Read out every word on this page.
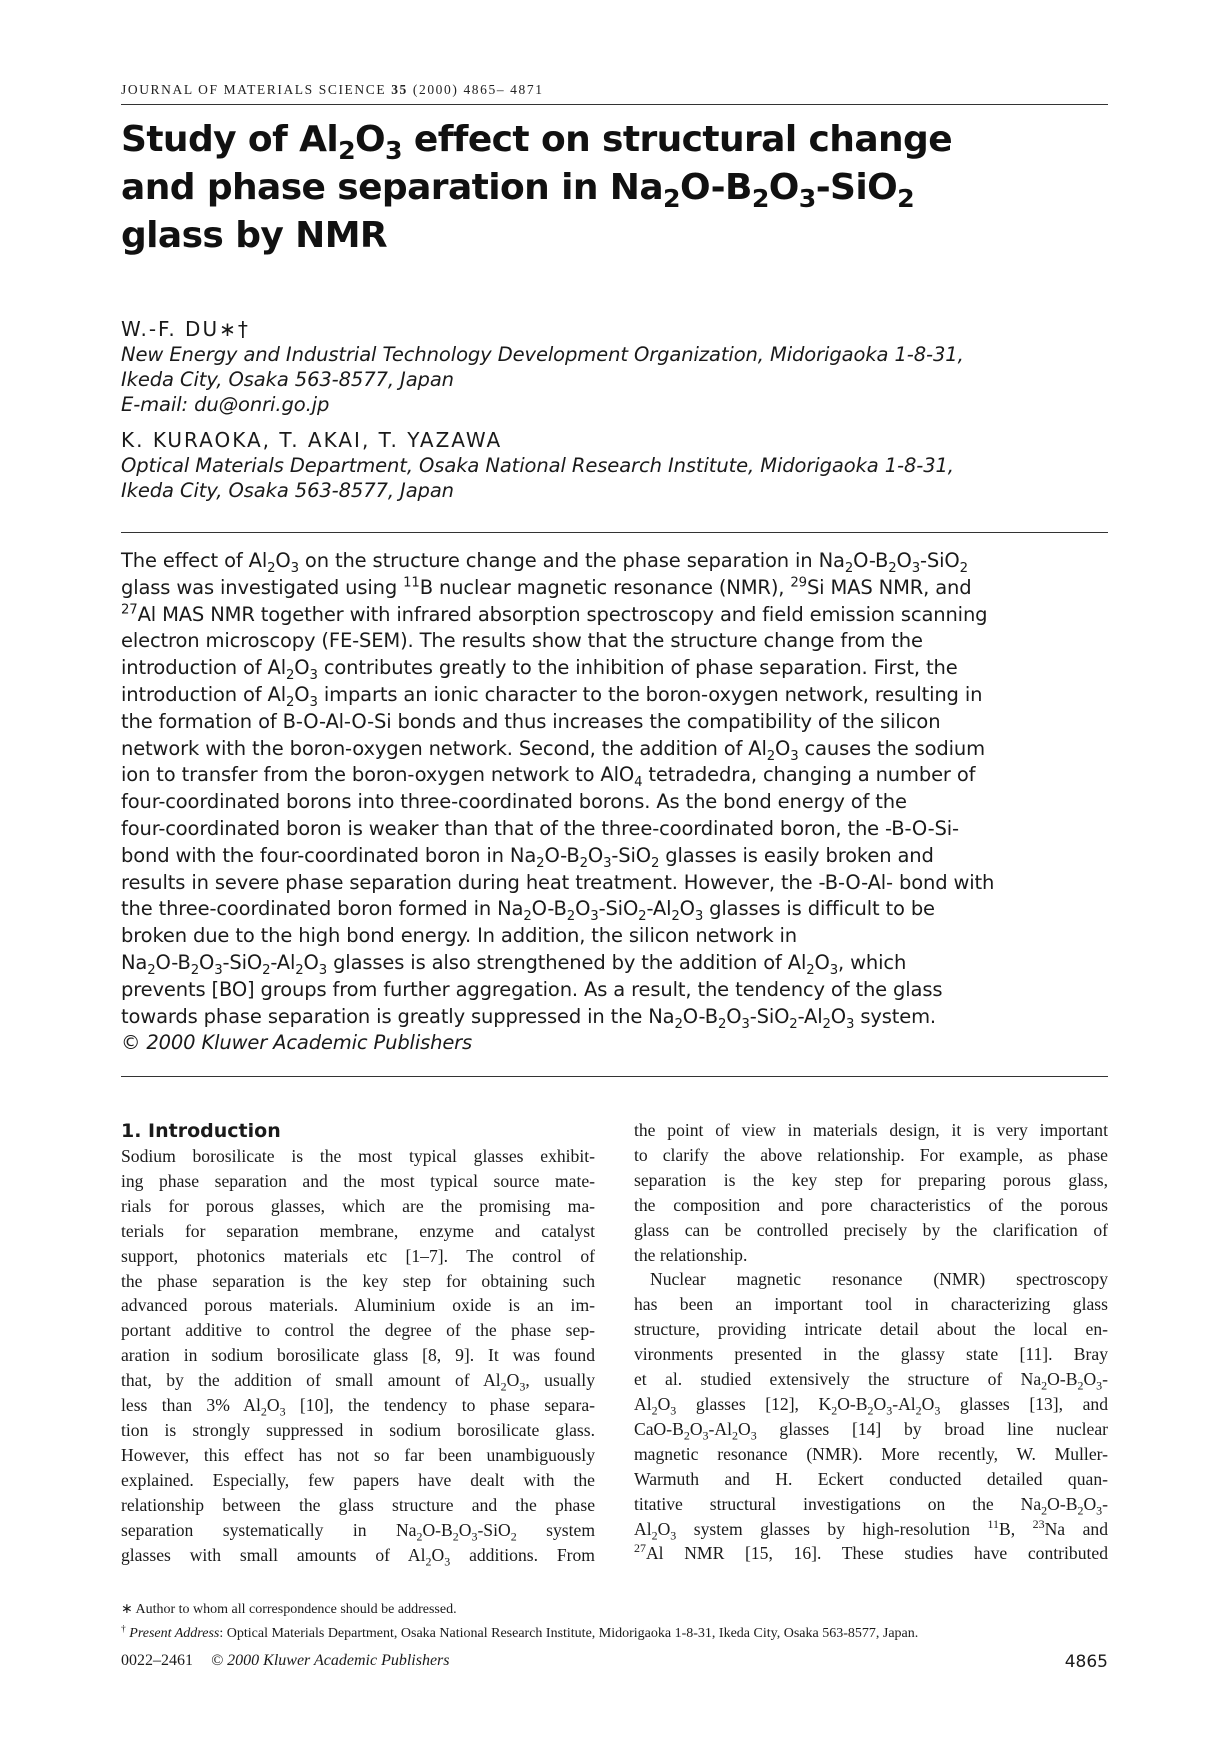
JOURNAL OF MATERIALS SCIENCE 35 (2000) 4865– 4871
Study of $Al_2O_3$ effect on structural change
and phase separation in $Na_2O-B_2O_3-SiO_2$
glass by NMR
W.-F. DU∗†
New Energy and Industrial Technology Development Organization, Midorigaoka 1-8-31,
Ikeda City, Osaka 563-8577, Japan
E-mail: du@onri.go.jp
K. KURAOKA, T. AKAI, T. YAZAWA
Optical Materials Department, Osaka National Research Institute, Midorigaoka 1-8-31,
Ikeda City, Osaka 563-8577, Japan
The effect of $Al_2O_3$ on the structure change and the phase separation in $Na_2O-B_2O_3-SiO_2$
glass was investigated using $^{11}$B nuclear magnetic resonance (NMR), $^{29}$Si MAS NMR, and
$^{27}$Al MAS NMR together with infrared absorption spectroscopy and field emission scanning
electron microscopy (FE-SEM). The results show that the structure change from the
introduction of $Al_2O_3$ contributes greatly to the inhibition of phase separation. First, the
introduction of $Al_2O_3$ imparts an ionic character to the boron-oxygen network, resulting in
the formation of B-O-Al-O-Si bonds and thus increases the compatibility of the silicon
network with the boron-oxygen network. Second, the addition of $Al_2O_3$ causes the sodium
ion to transfer from the boron-oxygen network to AlO$_4$ tetradedra, changing a number of
four-coordinated borons into three-coordinated borons. As the bond energy of the
four-coordinated boron is weaker than that of the three-coordinated boron, the -B-O-Si-
bond with the four-coordinated boron in $Na_2O-B_2O_3-SiO_2$ glasses is easily broken and
results in severe phase separation during heat treatment. However, the -B-O-Al- bond with
the three-coordinated boron formed in $Na_2O-B_2O_3-SiO_2-Al_2O_3$ glasses is difficult to be
broken due to the high bond energy. In addition, the silicon network in
$Na_2O-B_2O_3-SiO_2-Al_2O_3$ glasses is also strengthened by the addition of $Al_2O_3$, which
prevents [BO] groups from further aggregation. As a result, the tendency of the glass
towards phase separation is greatly suppressed in the $Na_2O-B_2O_3-SiO_2-Al_2O_3$ system.
© 2000 Kluwer Academic Publishers
1. Introduction
Sodium borosilicate is the most typical glasses exhibit-
ing phase separation and the most typical source mate-
rials for porous glasses, which are the promising ma-
terials for separation membrane, enzyme and catalyst
support, photonics materials etc [1–7]. The control of
the phase separation is the key step for obtaining such
advanced porous materials. Aluminium oxide is an im-
portant additive to control the degree of the phase sep-
aration in sodium borosilicate glass [8, 9]. It was found
that, by the addition of small amount of $Al_2O_3$, usually
less than 3% $Al_2O_3$ [10], the tendency to phase separa-
tion is strongly suppressed in sodium borosilicate glass.
However, this effect has not so far been unambiguously
explained. Especially, few papers have dealt with the
relationship between the glass structure and the phase
separation systematically in $Na_2O-B_2O_3-SiO_2$ system
glasses with small amounts of $Al_2O_3$ additions. From
the point of view in materials design, it is very important
to clarify the above relationship. For example, as phase
separation is the key step for preparing porous glass,
the composition and pore characteristics of the porous
glass can be controlled precisely by the clarification of
the relationship.
Nuclear magnetic resonance (NMR) spectroscopy
has been an important tool in characterizing glass
structure, providing intricate detail about the local en-
vironments presented in the glassy state [11]. Bray
et al. studied extensively the structure of $Na_2O-B_2O_3-$
$Al_2O_3$ glasses [12], $K_2O-B_2O_3-Al_2O_3$ glasses [13], and
CaO-$B_2O_3-Al_2O_3$ glasses [14] by broad line nuclear
magnetic resonance (NMR). More recently, W. Muller-
Warmuth and H. Eckert conducted detailed quan-
titative structural investigations on the $Na_2O-B_2O_3-$
$Al_2O_3$ system glasses by high-resolution $^{11}$B, $^{23}$Na and
$^{27}$Al NMR [15, 16]. These studies have contributed
∗ Author to whom all correspondence should be addressed.
† Present Address: Optical Materials Department, Osaka National Research Institute, Midorigaoka 1-8-31, Ikeda City, Osaka 563-8577, Japan.
0022–2461 © 2000 Kluwer Academic Publishers	4865
